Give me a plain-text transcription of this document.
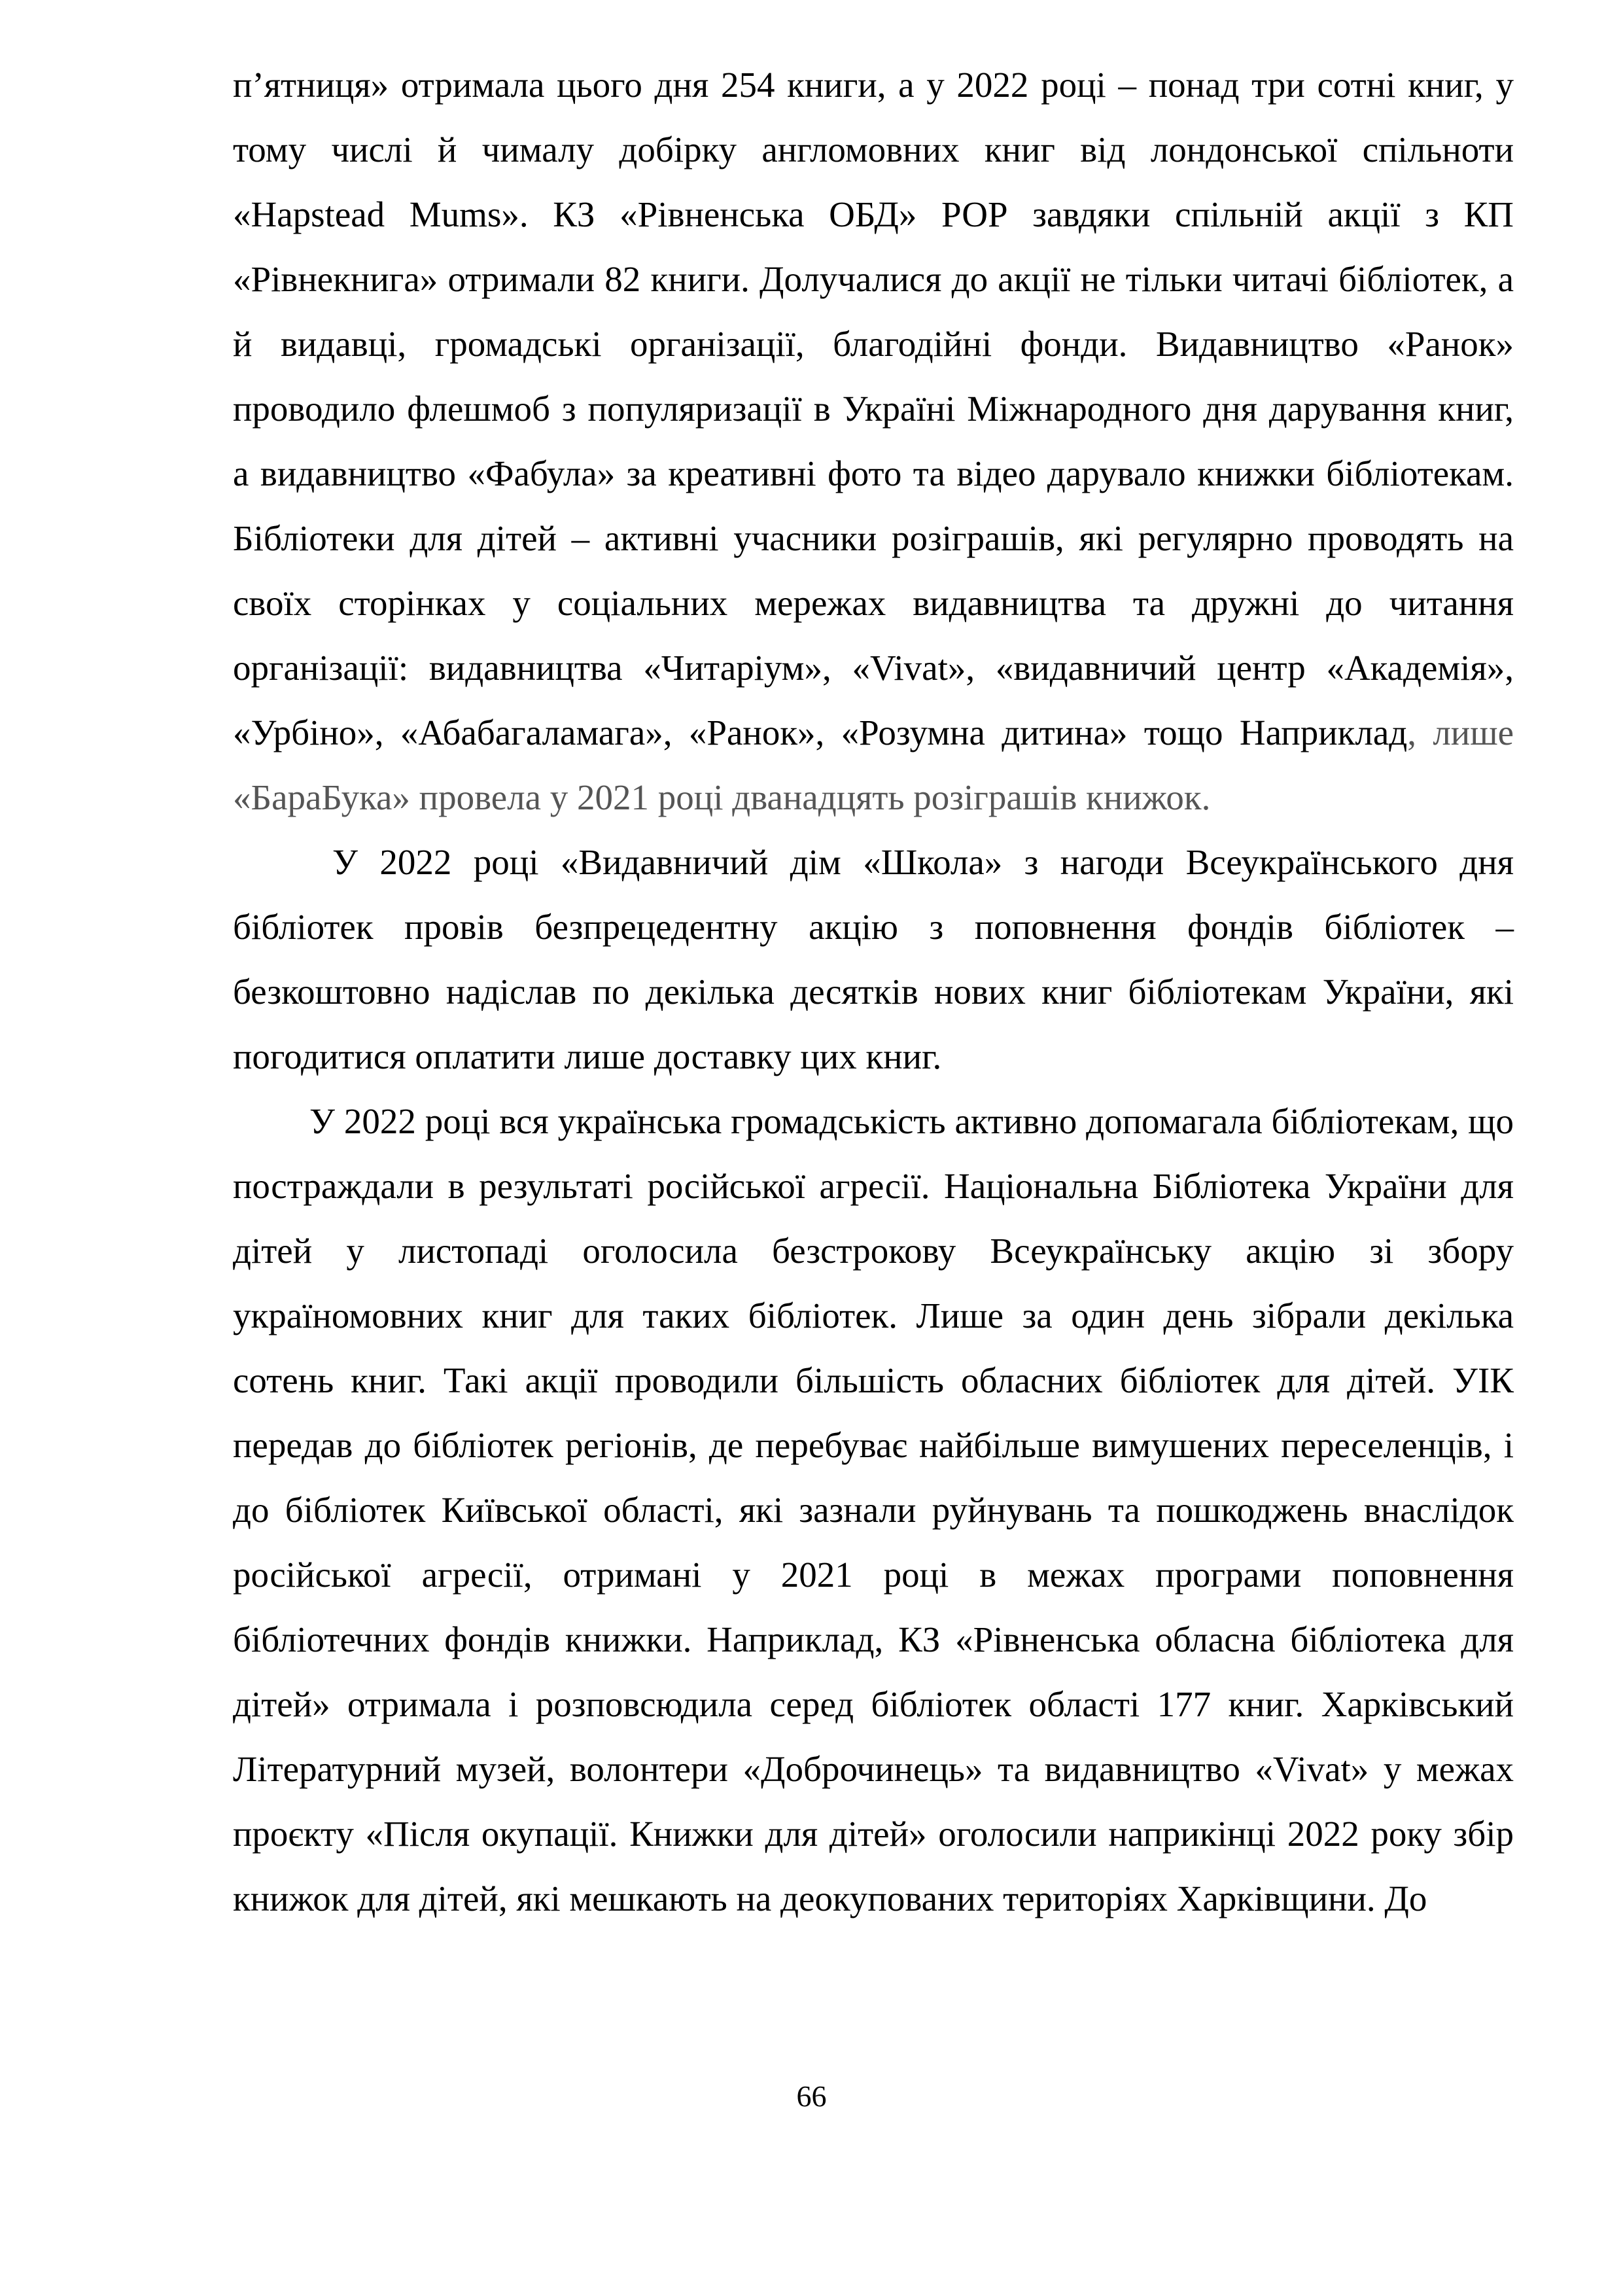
п’ятниця» отримала цього дня 254 книги, а у 2022 році – понад три сотні книг, у тому числі й чималу добірку англомовних книг від лондонської спільноти «Hapstead Mums». КЗ «Рівненська ОБД» РОР завдяки спільній акції з КП «Рівнекнига» отримали 82 книги. Долучалися до акції не тільки читачі бібліотек, а й видавці, громадські організації, благодійні фонди. Видавництво «Ранок» проводило флешмоб з популяризації в Україні Міжнародного дня дарування книг, а видавництво «Фабула» за креативні фото та відео дарувало книжки бібліотекам. Бібліотеки для дітей – активні учасники розіграшів, які регулярно проводять на своїх сторінках у соціальних мережах видавництва та дружні до читання організації: видавництва «Читаріум», «Vivat», «видавничий центр «Академія», «Урбіно», «Абабагаламага», «Ранок», «Розумна дитина» тощо Наприклад, лише «БараБука» провела у 2021 році дванадцять розіграшів книжок.

У 2022 році «Видавничий дім «Школа» з нагоди Всеукраїнського дня бібліотек провів безпрецедентну акцію з поповнення фондів бібліотек – безкоштовно надіслав по декілька десятків нових книг бібліотекам України, які погодитися оплатити лише доставку цих книг.

У 2022 році вся українська громадськість активно допомагала бібліотекам, що постраждали в результаті російської агресії. Національна Бібліотека України для дітей у листопаді оголосила безстрокову Всеукраїнську акцію зі збору україномовних книг для таких бібліотек. Лише за один день зібрали декілька сотень книг. Такі акції проводили більшість обласних бібліотек для дітей. УІК передав до бібліотек регіонів, де перебуває найбільше вимушених переселенців, і до бібліотек Київської області, які зазнали руйнувань та пошкоджень внаслідок російської агресії, отримані у 2021 році в межах програми поповнення бібліотечних фондів книжки. Наприклад, КЗ «Рівненська обласна бібліотека для дітей» отримала і розповсюдила серед бібліотек області 177 книг. Харківський Літературний музей, волонтери «Доброчинець» та видавництво «Vivat» у межах проєкту «Після окупації. Книжки для дітей» оголосили наприкінці 2022 року збір книжок для дітей, які мешкають на деокупованих територіях Харківщини. До

66
